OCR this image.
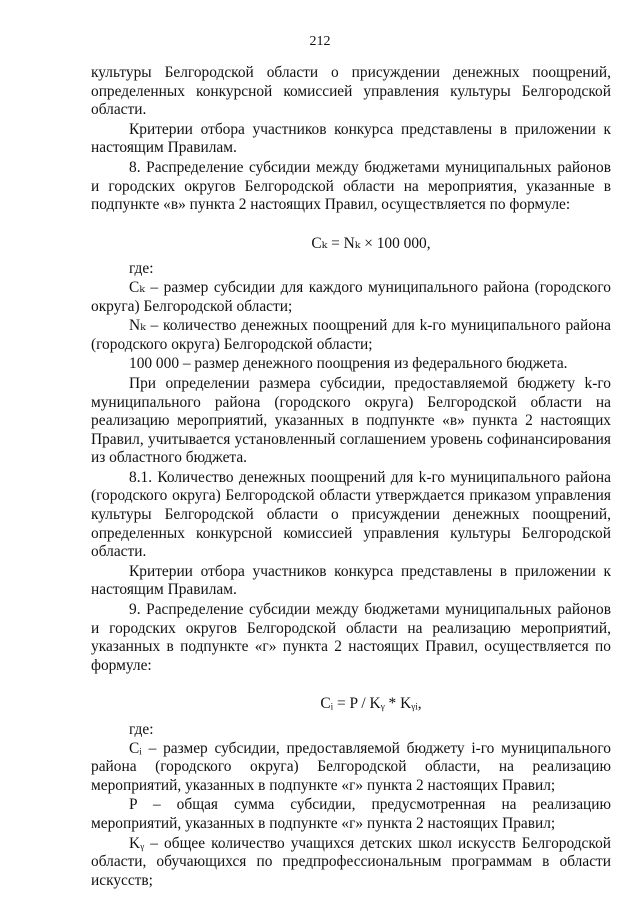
212

культуры Белгородской области о присуждении денежных поощрений, определенных конкурсной комиссией управления культуры Белгородской области.

Критерии отбора участников конкурса представлены в приложении к настоящим Правилам.

8. Распределение субсидии между бюджетами муниципальных районов и городских округов Белгородской области на мероприятия, указанные в подпункте «в» пункта 2 настоящих Правил, осуществляется по формуле:

Cₖ = Nₖ × 100 000,

где:

Cₖ – размер субсидии для каждого муниципального района (городского округа) Белгородской области;

Nₖ – количество денежных поощрений для k-го муниципального района (городского округа) Белгородской области;

100 000 – размер денежного поощрения из федерального бюджета.

При определении размера субсидии, предоставляемой бюджету k-го муниципального района (городского округа) Белгородской области на реализацию мероприятий, указанных в подпункте «в» пункта 2 настоящих Правил, учитывается установленный соглашением уровень софинансирования из областного бюджета.

8.1. Количество денежных поощрений для k-го муниципального района (городского округа) Белгородской области утверждается приказом управления культуры Белгородской области о присуждении денежных поощрений, определенных конкурсной комиссией управления культуры Белгородской области.

Критерии отбора участников конкурса представлены в приложении к настоящим Правилам.

9. Распределение субсидии между бюджетами муниципальных районов и городских округов Белгородской области на реализацию мероприятий, указанных в подпункте «г» пункта 2 настоящих Правил, осуществляется по формуле:

Cᵢ = P / Kᵧ * Kᵧᵢ,

где:

Cᵢ – размер субсидии, предоставляемой бюджету i-го муниципального района (городского округа) Белгородской области, на реализацию мероприятий, указанных в подпункте «г» пункта 2 настоящих Правил;

P – общая сумма субсидии, предусмотренная на реализацию мероприятий, указанных в подпункте «г» пункта 2 настоящих Правил;

Kᵧ – общее количество учащихся детских школ искусств Белгородской области, обучающихся по предпрофессиональным программам в области искусств;
